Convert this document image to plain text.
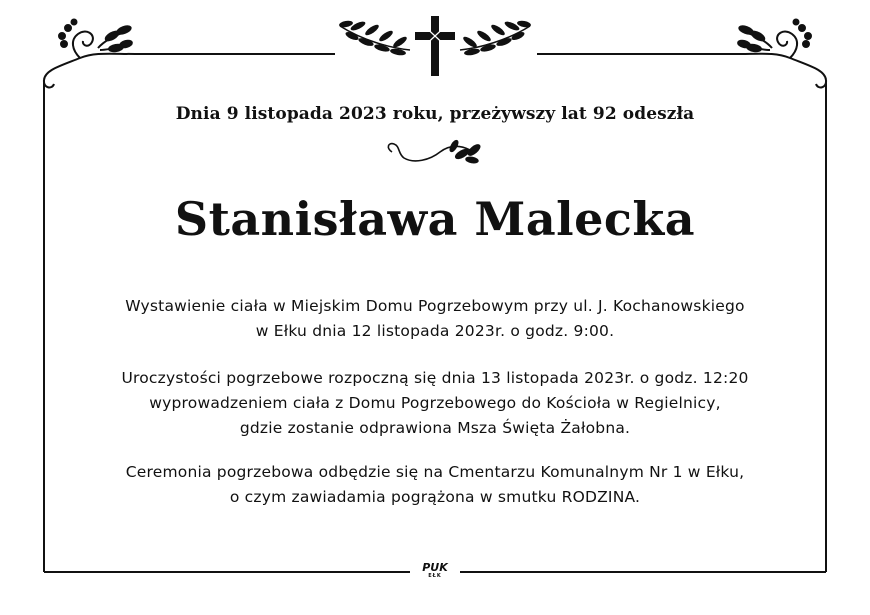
Dnia 9 listopada 2023 roku, przeżywszy lat 92 odeszła
Stanisława Malecka
Wystawienie ciała w Miejskim Domu Pogrzebowym przy ul. J. Kochanowskiego
w Ełku dnia 12 listopada 2023r. o godz. 9:00.
Uroczystości pogrzebowe rozpoczną się dnia 13 listopada 2023r. o godz. 12:20
wyprowadzeniem ciała z Domu Pogrzebowego do Kościoła w Regielnicy,
gdzie zostanie odprawiona Msza Święta Żałobna.
Ceremonia pogrzebowa odbędzie się na Cmentarzu Komunalnym Nr 1 w Ełku,
o czym zawiadamia pogrążona w smutku RODZINA.
PUK
EŁK
